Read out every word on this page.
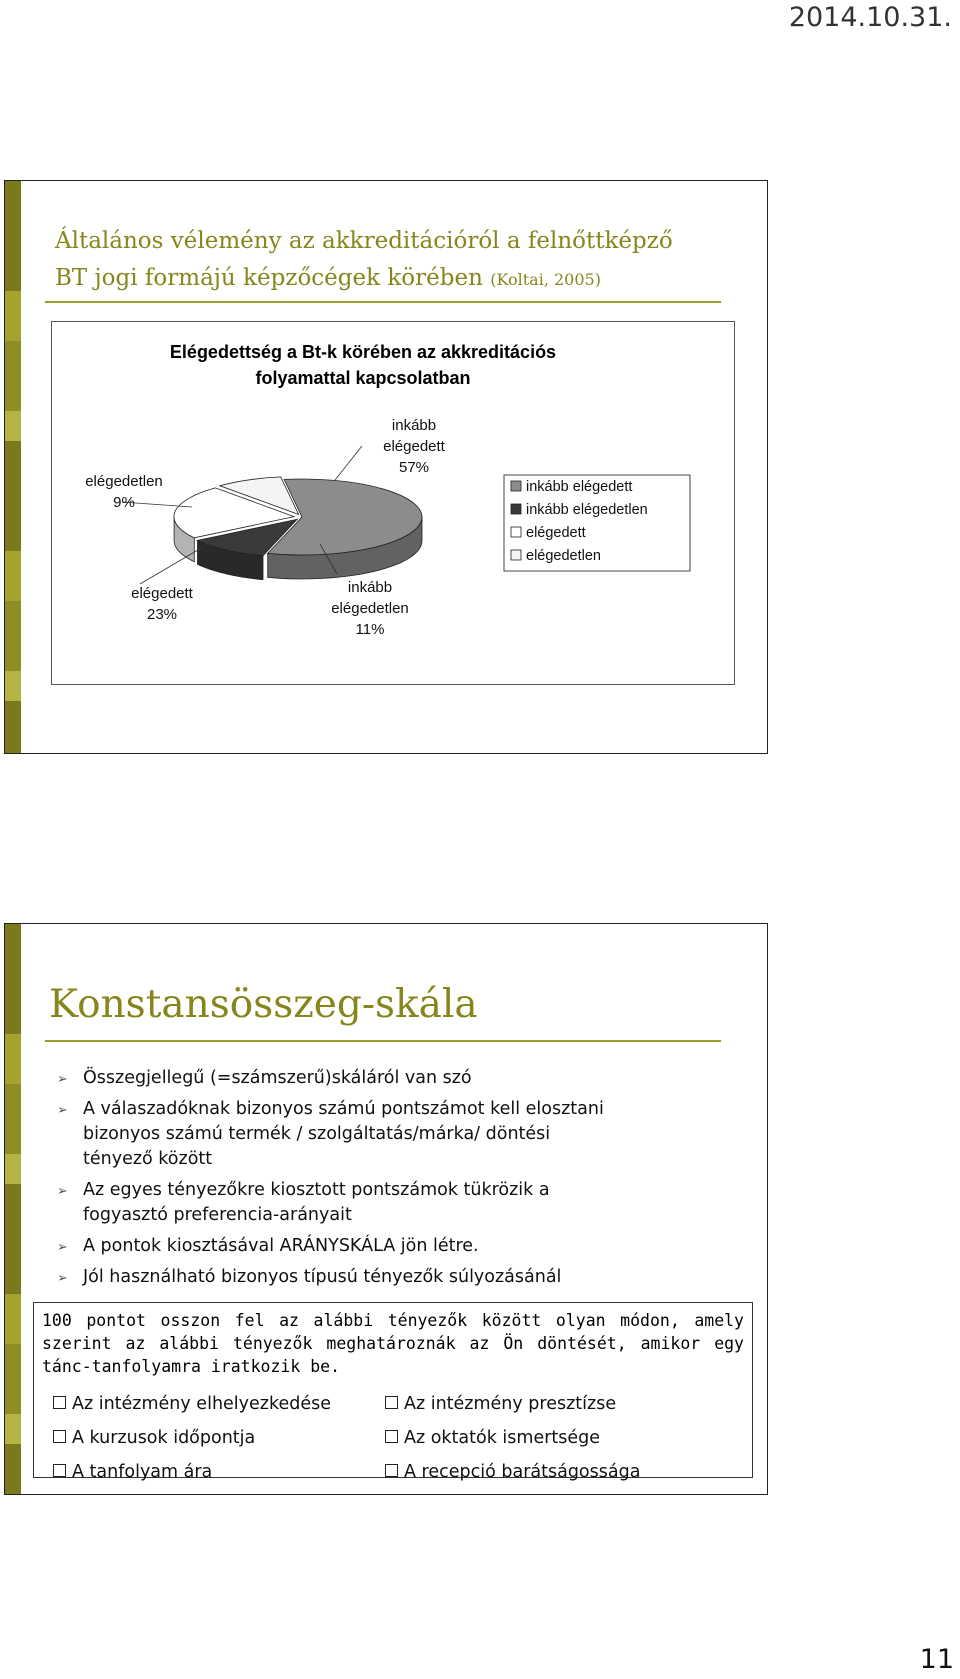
2014.10.31.
Általános vélemény az akkreditációról a felnőttképző
BT jogi formájú képzőcégek körében (Koltai, 2005)
Elégedettség a Bt-k körében az akkreditációs
folyamattal kapcsolatban
inkább
elégedett
57%
inkább
elégedetlen
11%
elégedett
23%
elégedetlen
9%
inkább elégedett
inkább elégedetlen
elégedett
elégedetlen
Konstansösszeg-skála
➢ Összegjellegű (=számszerű)skáláról van szó
➢ A válaszadóknak bizonyos számú pontszámot kell elosztani
bizonyos számú termék / szolgáltatás/márka/ döntési
tényező között
➢ Az egyes tényezőkre kiosztott pontszámok tükrözik a
fogyasztó preferencia-arányait
➢ A pontok kiosztásával ARÁNYSKÁLA jön létre.
➢ Jól használható bizonyos típusú tényezők súlyozásánál
100 pontot osszon fel az alábbi tényezők között olyan módon, amely szerint az alábbi tényezők meghatároznák az Ön döntését, amikor egy tánc-tanfolyamra iratkozik be.
Az intézmény elhelyezkedése
A kurzusok időpontja
A tanfolyam ára
Az intézmény presztízse
Az oktatók ismertsége
A recepció barátságossága
11
